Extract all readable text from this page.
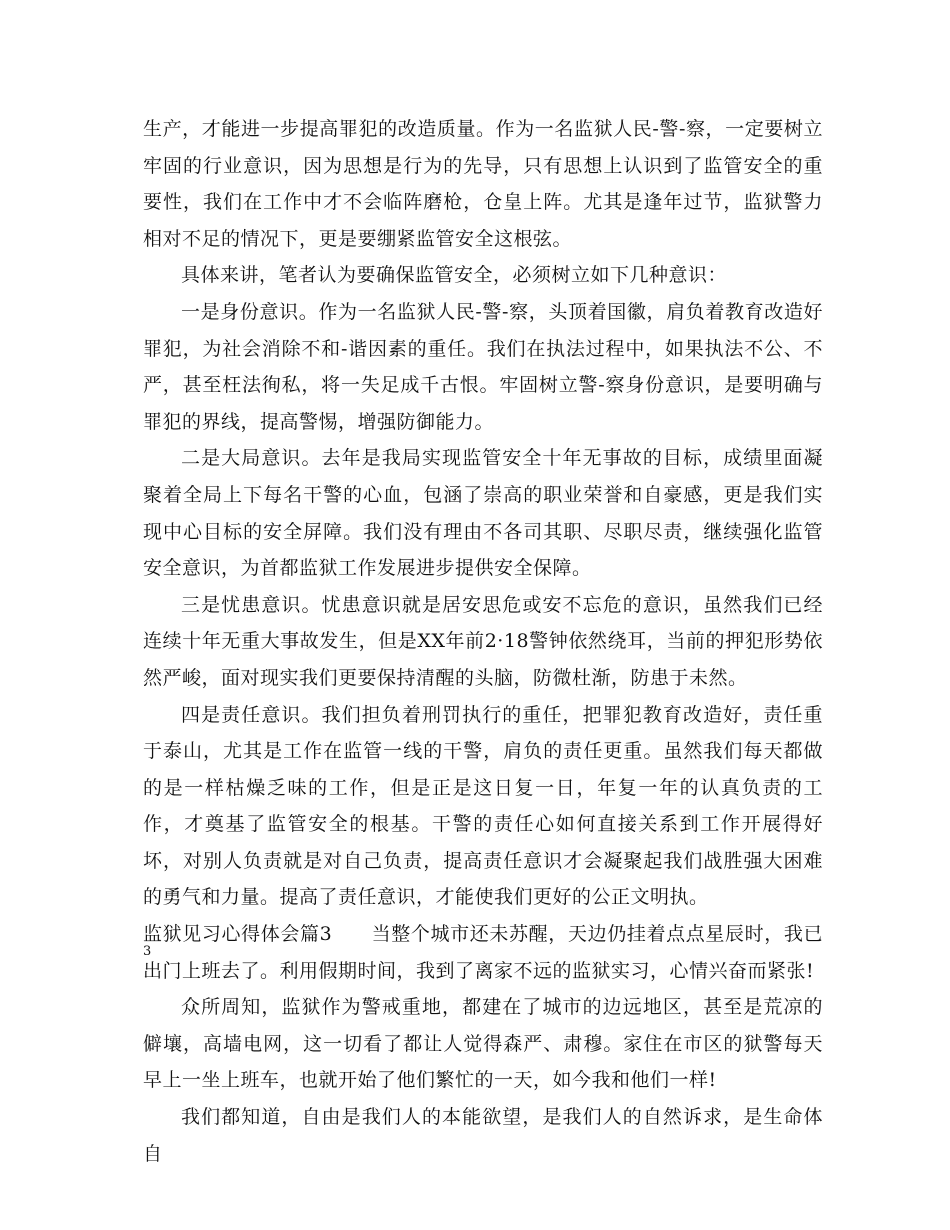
生产，才能进一步提高罪犯的改造质量。作为一名监狱人民-警-察，一定要树立牢固的行业意识，因为思想是行为的先导，只有思想上认识到了监管安全的重要性，我们在工作中才不会临阵磨枪，仓皇上阵。尤其是逢年过节，监狱警力相对不足的情况下，更是要绷紧监管安全这根弦。

具体来讲，笔者认为要确保监管安全，必须树立如下几种意识：

一是身份意识。作为一名监狱人民-警-察，头顶着国徽，肩负着教育改造好罪犯，为社会消除不和-谐因素的重任。我们在执法过程中，如果执法不公、不严，甚至枉法徇私，将一失足成千古恨。牢固树立警-察身份意识，是要明确与罪犯的界线，提高警惕，增强防御能力。

二是大局意识。去年是我局实现监管安全十年无事故的目标，成绩里面凝聚着全局上下每名干警的心血，包涵了崇高的职业荣誉和自豪感，更是我们实现中心目标的安全屏障。我们没有理由不各司其职、尽职尽责，继续强化监管安全意识，为首都监狱工作发展进步提供安全保障。

三是忧患意识。忧患意识就是居安思危或安不忘危的意识，虽然我们已经连续十年无重大事故发生，但是XX年前2·18警钟依然绕耳，当前的押犯形势依然严峻，面对现实我们更要保持清醒的头脑，防微杜渐，防患于未然。

四是责任意识。我们担负着刑罚执行的重任，把罪犯教育改造好，责任重于泰山，尤其是工作在监管一线的干警，肩负的责任更重。虽然我们每天都做的是一样枯燥乏味的工作，但是正是这日复一日，年复一年的认真负责的工作，才奠基了监管安全的根基。干警的责任心如何直接关系到工作开展得好坏，对别人负责就是对自己负责，提高责任意识才会凝聚起我们战胜强大困难的勇气和力量。提高了责任意识，才能使我们更好的公正文明执。

监狱见习心得体会篇3　　当整个城市还未苏醒，天边仍挂着点点星辰时，我已出门上班去了。利用假期时间，我到了离家不远的监狱实习，心情兴奋而紧张!

众所周知，监狱作为警戒重地，都建在了城市的边远地区，甚至是荒凉的僻壤，高墙电网，这一切看了都让人觉得森严、肃穆。家住在市区的狱警每天早上一坐上班车，也就开始了他们繁忙的一天，如今我和他们一样!

我们都知道，自由是我们人的本能欲望，是我们人的自然诉求，是生命体自

3
